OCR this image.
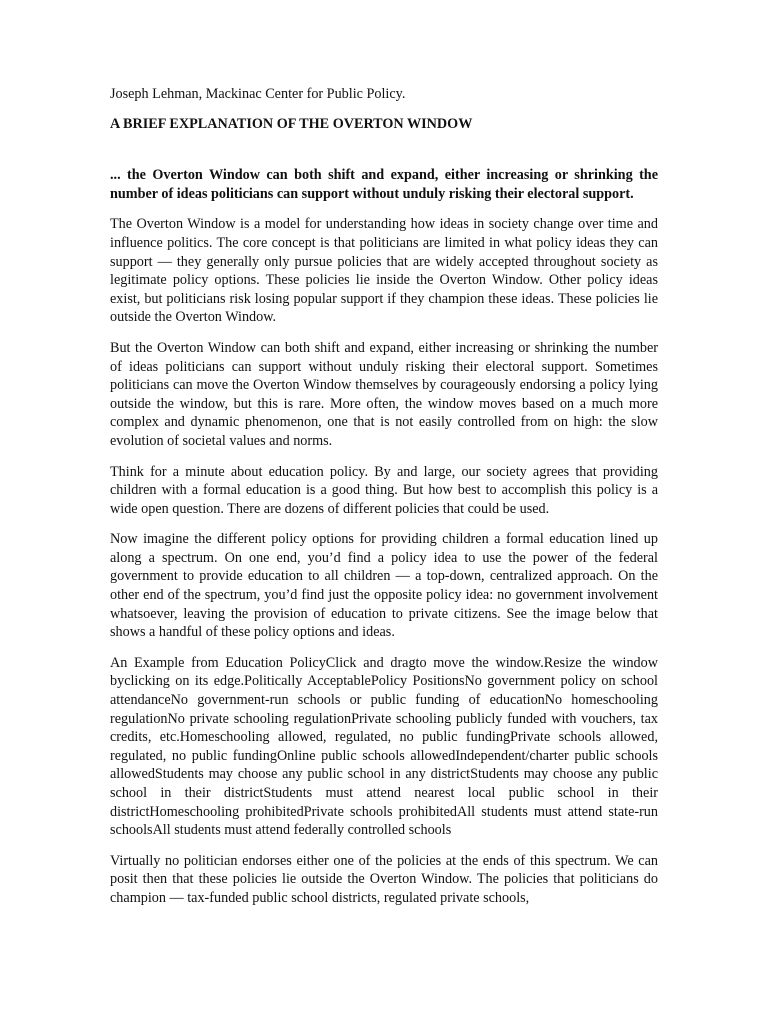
Joseph Lehman, Mackinac Center for Public Policy.

A BRIEF EXPLANATION OF THE OVERTON WINDOW

... the Overton Window can both shift and expand, either increasing or shrinking the number of ideas politicians can support without unduly risking their electoral support.

The Overton Window is a model for understanding how ideas in society change over time and influence politics. The core concept is that politicians are limited in what policy ideas they can support — they generally only pursue policies that are widely accepted throughout society as legitimate policy options. These policies lie inside the Overton Window. Other policy ideas exist, but politicians risk losing popular support if they champion these ideas. These policies lie outside the Overton Window.

But the Overton Window can both shift and expand, either increasing or shrinking the number of ideas politicians can support without unduly risking their electoral support. Sometimes politicians can move the Overton Window themselves by courageously endorsing a policy lying outside the window, but this is rare. More often, the window moves based on a much more complex and dynamic phenomenon, one that is not easily controlled from on high: the slow evolution of societal values and norms.

Think for a minute about education policy. By and large, our society agrees that providing children with a formal education is a good thing. But how best to accomplish this policy is a wide open question. There are dozens of different policies that could be used.

Now imagine the different policy options for providing children a formal education lined up along a spectrum. On one end, you’d find a policy idea to use the power of the federal government to provide education to all children — a top-down, centralized approach. On the other end of the spectrum, you’d find just the opposite policy idea: no government involvement whatsoever, leaving the provision of education to private citizens. See the image below that shows a handful of these policy options and ideas.

An Example from Education PolicyClick and dragto move the window.Resize the window byclicking on its edge.Politically AcceptablePolicy PositionsNo government policy on school attendanceNo government-run schools or public funding of educationNo homeschooling regulationNo private schooling regulationPrivate schooling publicly funded with vouchers, tax credits, etc.Homeschooling allowed, regulated, no public fundingPrivate schools allowed, regulated, no public fundingOnline public schools allowedIndependent/charter public schools allowedStudents may choose any public school in any districtStudents may choose any public school in their districtStudents must attend nearest local public school in their districtHomeschooling prohibitedPrivate schools prohibitedAll students must attend state-run schoolsAll students must attend federally controlled schools

Virtually no politician endorses either one of the policies at the ends of this spectrum. We can posit then that these policies lie outside the Overton Window. The policies that politicians do champion — tax-funded public school districts, regulated private schools,
